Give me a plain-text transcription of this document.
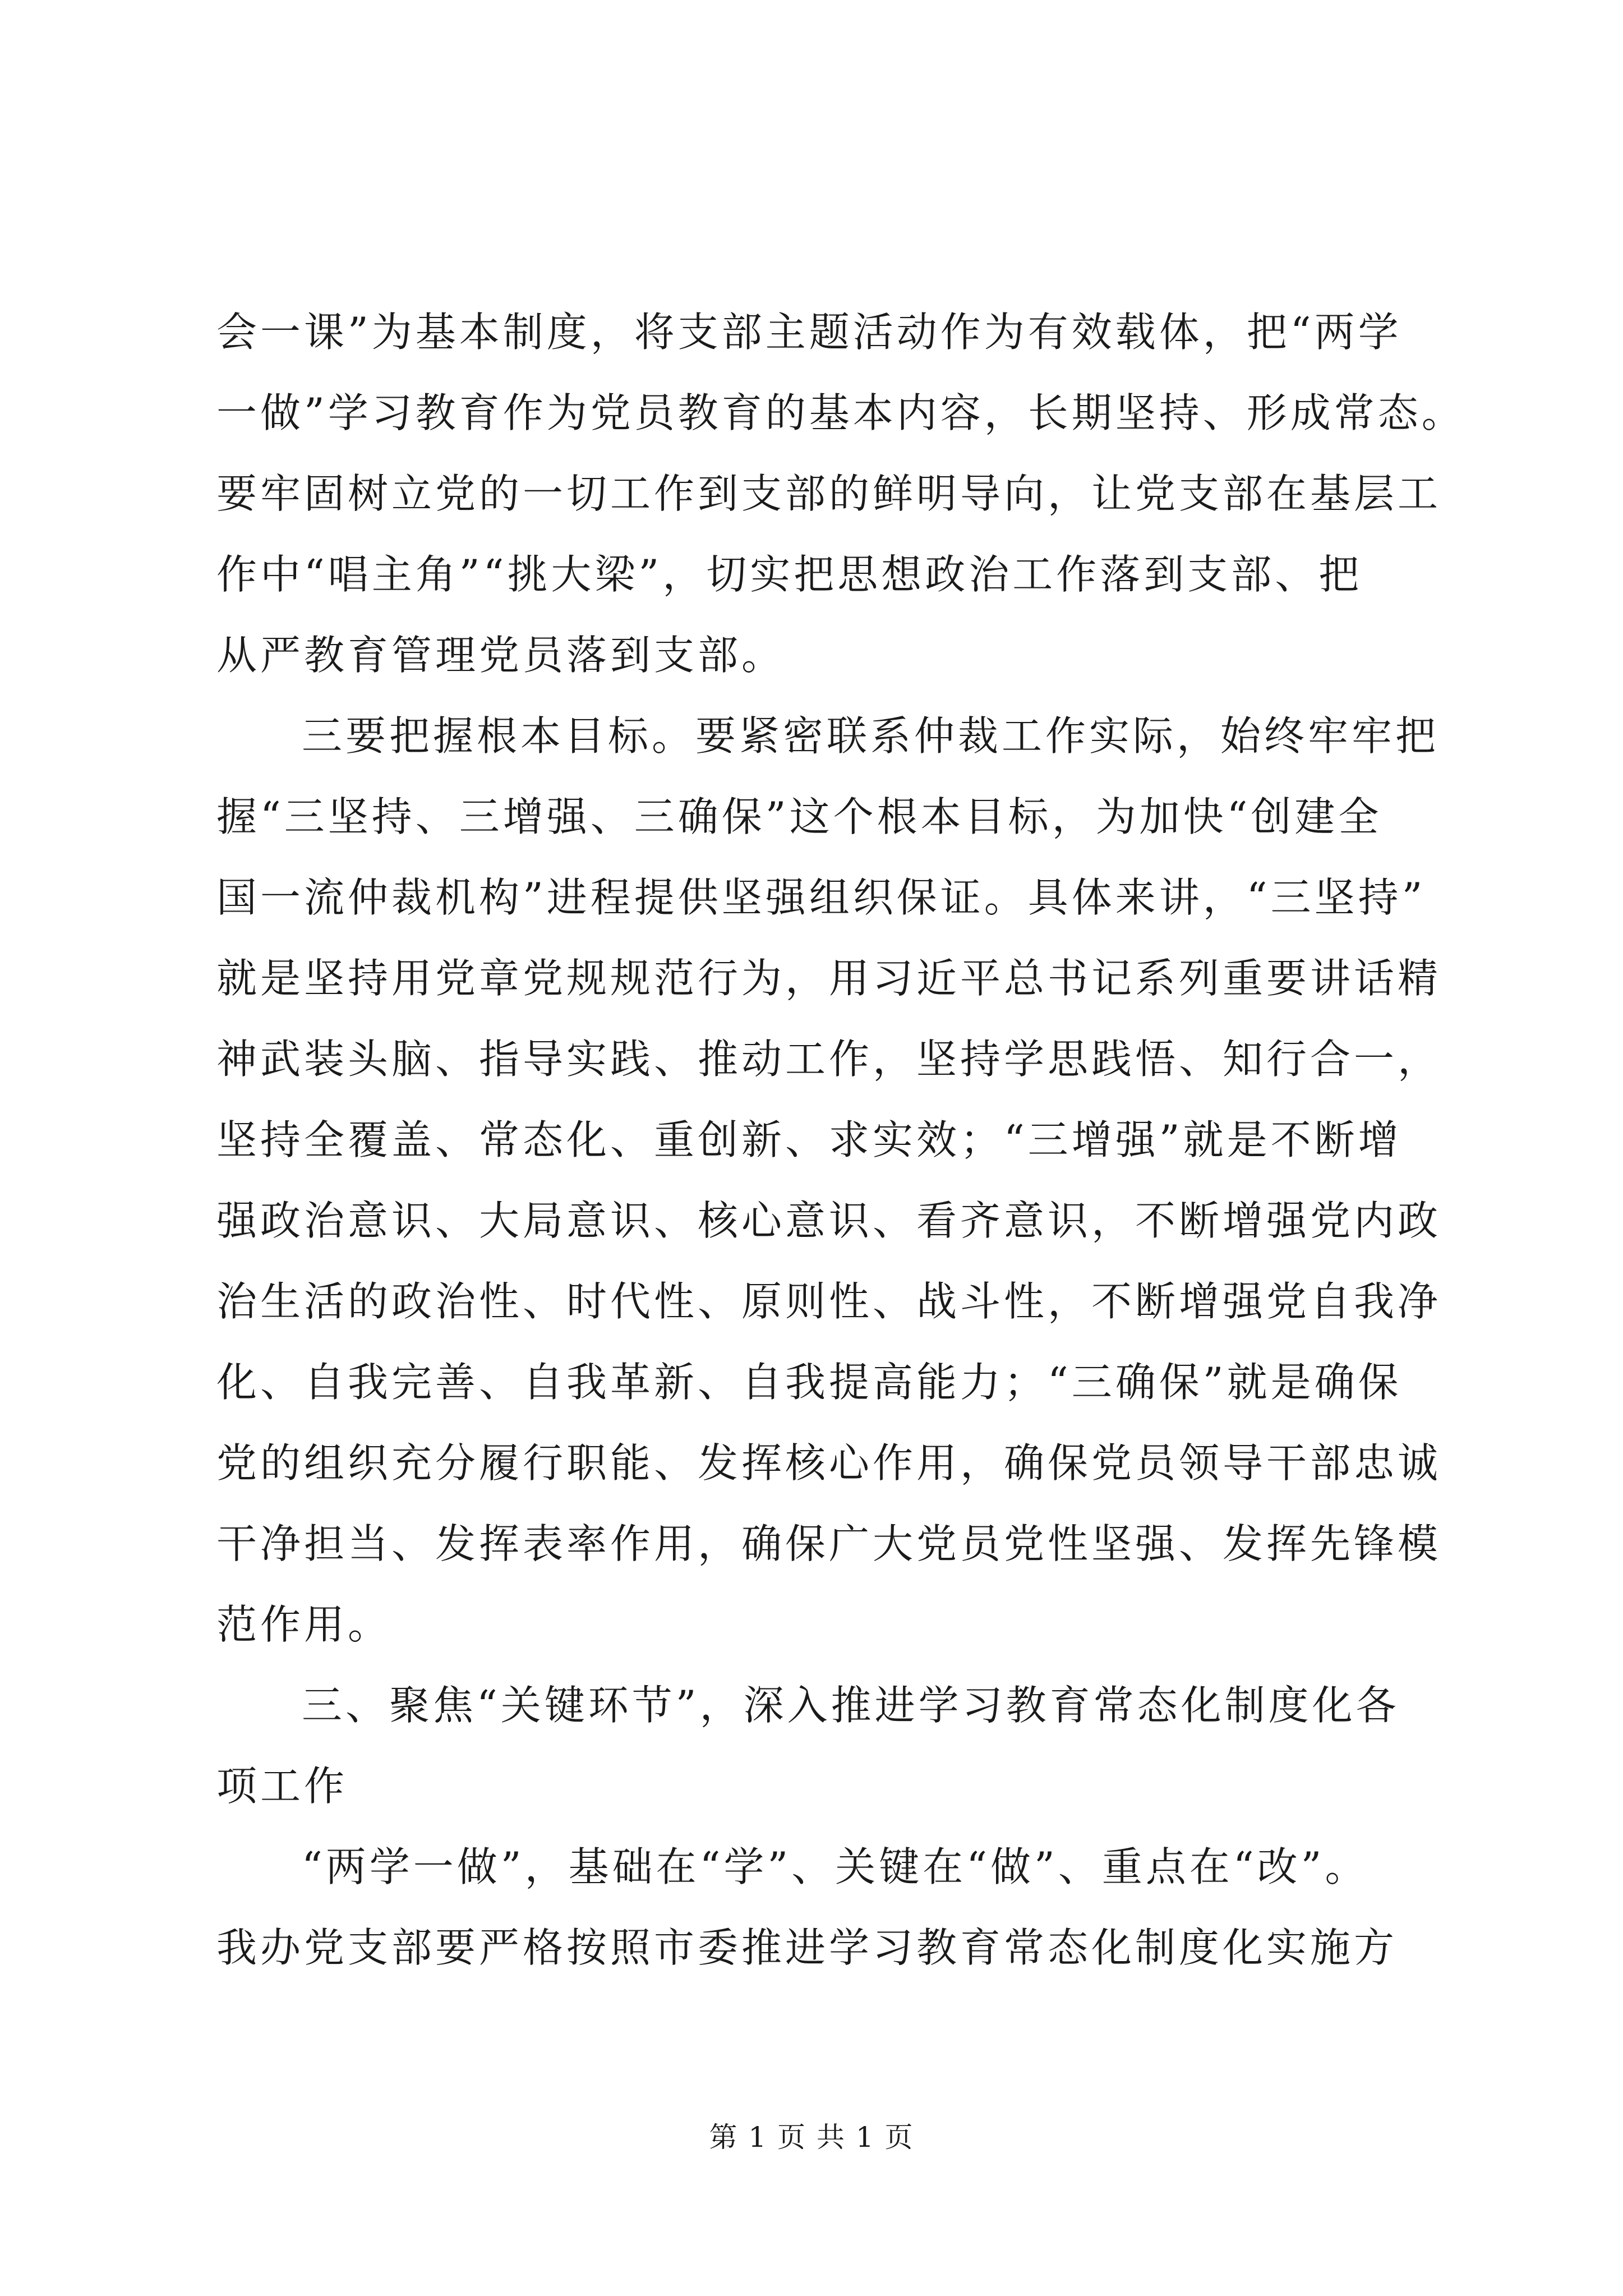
会一课”为基本制度，将支部主题活动作为有效载体，把“两学
一做”学习教育作为党员教育的基本内容，长期坚持、形成常态。
要牢固树立党的一切工作到支部的鲜明导向，让党支部在基层工
作中“唱主角”“挑大梁”，切实把思想政治工作落到支部、把
从严教育管理党员落到支部。
三要把握根本目标。要紧密联系仲裁工作实际，始终牢牢把
握“三坚持、三增强、三确保”这个根本目标，为加快“创建全
国一流仲裁机构”进程提供坚强组织保证。具体来讲，“三坚持”
就是坚持用党章党规规范行为，用习近平总书记系列重要讲话精
神武装头脑、指导实践、推动工作，坚持学思践悟、知行合一，
坚持全覆盖、常态化、重创新、求实效；“三增强”就是不断增
强政治意识、大局意识、核心意识、看齐意识，不断增强党内政
治生活的政治性、时代性、原则性、战斗性，不断增强党自我净
化、自我完善、自我革新、自我提高能力；“三确保”就是确保
党的组织充分履行职能、发挥核心作用，确保党员领导干部忠诚
干净担当、发挥表率作用，确保广大党员党性坚强、发挥先锋模
范作用。
三、聚焦“关键环节”，深入推进学习教育常态化制度化各
项工作
“两学一做”，基础在“学”、关键在“做”、重点在“改”。
我办党支部要严格按照市委推进学习教育常态化制度化实施方
第 1 页 共 1 页
